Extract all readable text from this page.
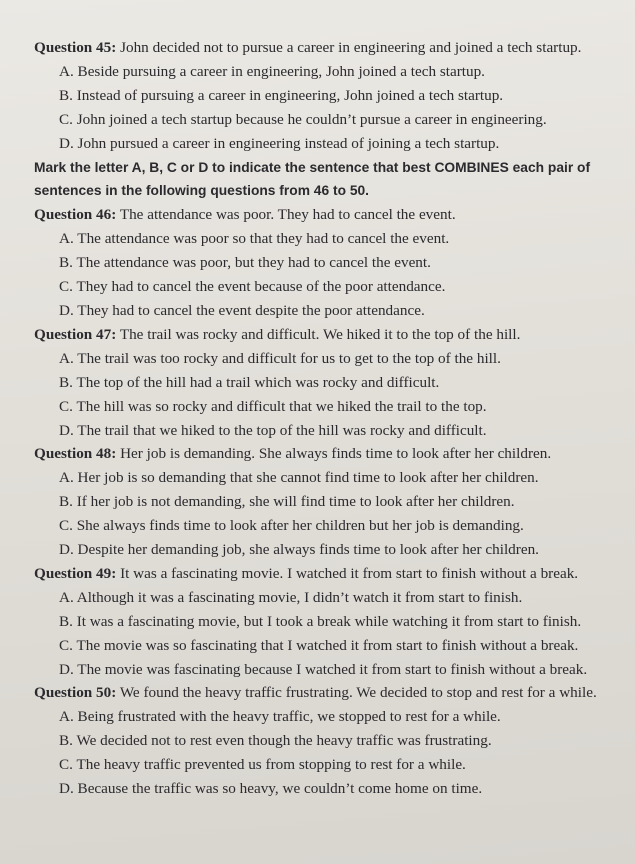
Question 45: John decided not to pursue a career in engineering and joined a tech startup.
A. Beside pursuing a career in engineering, John joined a tech startup.
B. Instead of pursuing a career in engineering, John joined a tech startup.
C. John joined a tech startup because he couldn’t pursue a career in engineering.
D. John pursued a career in engineering instead of joining a tech startup.
Mark the letter A, B, C or D to indicate the sentence that best COMBINES each pair of
sentences in the following questions from 46 to 50.
Question 46: The attendance was poor. They had to cancel the event.
A. The attendance was poor so that they had to cancel the event.
B. The attendance was poor, but they had to cancel the event.
C. They had to cancel the event because of the poor attendance.
D. They had to cancel the event despite the poor attendance.
Question 47: The trail was rocky and difficult. We hiked it to the top of the hill.
A. The trail was too rocky and difficult for us to get to the top of the hill.
B. The top of the hill had a trail which was rocky and difficult.
C. The hill was so rocky and difficult that we hiked the trail to the top.
D. The trail that we hiked to the top of the hill was rocky and difficult.
Question 48: Her job is demanding. She always finds time to look after her children.
A. Her job is so demanding that she cannot find time to look after her children.
B. If her job is not demanding, she will find time to look after her children.
C. She always finds time to look after her children but her job is demanding.
D. Despite her demanding job, she always finds time to look after her children.
Question 49: It was a fascinating movie. I watched it from start to finish without a break.
A. Although it was a fascinating movie, I didn’t watch it from start to finish.
B. It was a fascinating movie, but I took a break while watching it from start to finish.
C. The movie was so fascinating that I watched it from start to finish without a break.
D. The movie was fascinating because I watched it from start to finish without a break.
Question 50: We found the heavy traffic frustrating. We decided to stop and rest for a while.
A. Being frustrated with the heavy traffic, we stopped to rest for a while.
B. We decided not to rest even though the heavy traffic was frustrating.
C. The heavy traffic prevented us from stopping to rest for a while.
D. Because the traffic was so heavy, we couldn’t come home on time.
